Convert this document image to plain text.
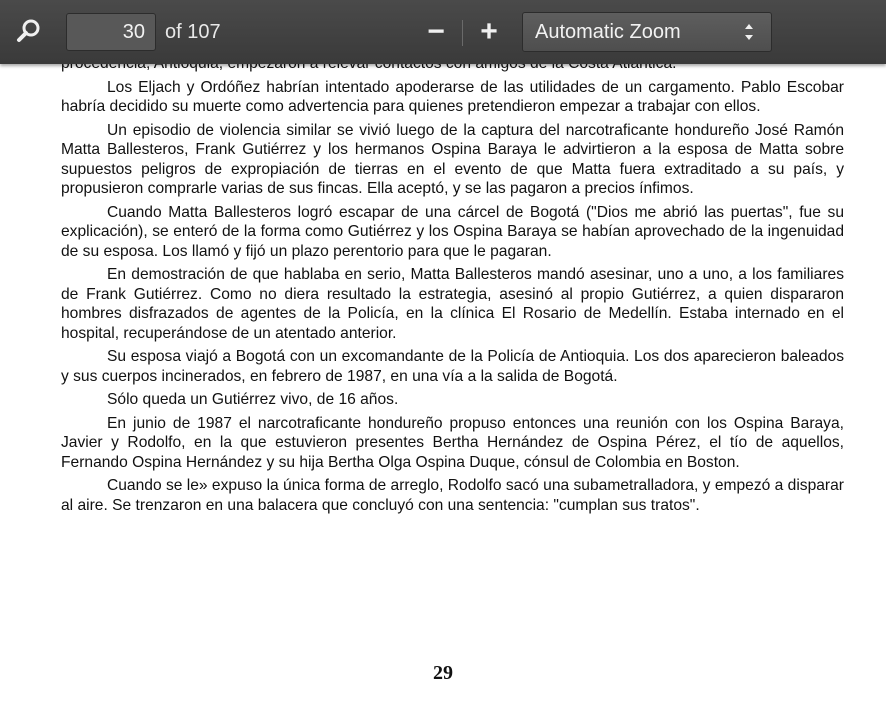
30	of 107	−	+	Automatic Zoom

Los Eljach y Ordóñez habrían intentado apoderarse de las utilidades de un cargamento. Pablo Escobar habría decidido su muerte como advertencia para quienes pretendieron empezar a trabajar con ellos.

Un episodio de violencia similar se vivió luego de la captura del narcotraficante hondureño José Ramón Matta Ballesteros, Frank Gutiérrez y los hermanos Ospina Baraya le advirtieron a la esposa de Matta sobre supuestos peligros de expropiación de tierras en el evento de que Matta fuera extraditado a su país, y propusieron comprarle varias de sus fincas. Ella aceptó, y se las pagaron a precios ínfimos.

Cuando Matta Ballesteros logró escapar de una cárcel de Bogotá ("Dios me abrió las puertas", fue su explicación), se enteró de la forma como Gutiérrez y los Ospina Baraya se habían aprovechado de la ingenuidad de su esposa. Los llamó y fijó un plazo perentorio para que le pagaran.

En demostración de que hablaba en serio, Matta Ballesteros mandó asesinar, uno a uno, a los familiares de Frank Gutiérrez. Como no diera resultado la estrategia, asesinó al propio Gutiérrez, a quien dispararon hombres disfrazados de agentes de la Policía, en la clínica El Rosario de Medellín. Estaba internado en el hospital, recuperándose de un atentado anterior.

Su esposa viajó a Bogotá con un excomandante de la Policía de Antioquia. Los dos aparecieron baleados y sus cuerpos incinerados, en febrero de 1987, en una vía a la salida de Bogotá.

Sólo queda un Gutiérrez vivo, de 16 años.

En junio de 1987 el narcotraficante hondureño propuso entonces una reunión con los Ospina Baraya, Javier y Rodolfo, en la que estuvieron presentes Bertha Hernández de Ospina Pérez, el tío de aquellos, Fernando Ospina Hernández y su hija Bertha Olga Ospina Duque, cónsul de Colombia en Boston.

Cuando se le» expuso la única forma de arreglo, Rodolfo sacó una subametralladora, y empezó a disparar al aire. Se trenzaron en una balacera que concluyó con una sentencia: "cumplan sus tratos".

29
